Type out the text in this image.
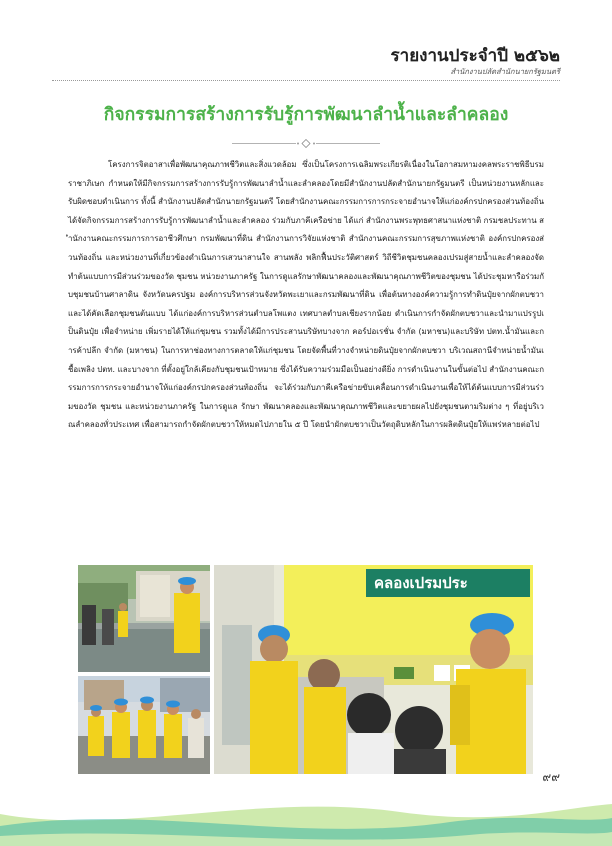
รายงานประจำปี ๒๕๖๒
สำนักงานปลัดสำนักนายกรัฐมนตรี
กิจกรรมการสร้างการรับรู้การพัฒนาลำน้ำและลำคลอง
โครงการจิตอาสาเพื่อพัฒนาคุณภาพชีวิตและสิ่งแวดล้อม ซึ่งเป็นโครงการเฉลิมพระเกียรติเนื่องในโอกาสมหามงคลพระราชพิธีบรมราชาภิเษก กำหนดให้มีกิจกรรมการสร้างการรับรู้การพัฒนาลำน้ำและลำคลองโดยมีสำนักงานปลัดสำนักนายกรัฐมนตรี เป็นหน่วยงานหลักและรับผิดชอบดำเนินการ ทั้งนี้ สำนักงานปลัดสำนักนายกรัฐมนตรี โดยสำนักงานคณะกรรมการการกระจายอำนาจให้แก่องค์กรปกครองส่วนท้องถิ่นได้จัดกิจกรรมการสร้างการรับรู้การพัฒนาลำน้ำและลำคลอง ร่วมกับภาคีเครือข่าย ได้แก่ สำนักงานพระพุทธศาสนาแห่งชาติ กรมชลประทาน สำนักงานคณะกรรมการการอาชีวศึกษา กรมพัฒนาที่ดิน สำนักงานการวิจัยแห่งชาติ สำนักงานคณะกรรมการสุขภาพแห่งชาติ องค์กรปกครองส่วนท้องถิ่น และหน่วยงานที่เกี่ยวข้องดำเนินการเสวนาสานใจ สานพลัง พลิกฟื้นประวัติศาสตร์ วิถีชีวิตชุมชนคลองเปรมสู่สายน้ำและลำคลองจัดทำต้นแบบการมีส่วนร่วมของวัด ชุมชน หน่วยงานภาครัฐ ในการดูแลรักษาพัฒนาคลองและพัฒนาคุณภาพชีวิตของชุมชน ได้ประชุมหารือร่วมกับชุมชนบ้านศาลาดิน จังหวัดนครปฐม องค์การบริหารส่วนจังหวัดพะเยาและกรมพัฒนาที่ดิน เพื่อต้นทางองค์ความรู้การทำดินปุ๋ยจากผักตบชวา และได้คัดเลือกชุมชนต้นแบบ ได้แก่องค์การบริหารส่วนตำบลโพแตง เทศบาลตำบลเชียงรากน้อย ดำเนินการกำจัดผักตบชวาและนำมาแปรรูปเป็นดินปุ๋ย เพื่อจำหน่าย เพิ่มรายได้ให้แก่ชุมชน รวมทั้งได้มีการประสานบริษัทบางจาก คอร์ปอเรชั่น จำกัด (มหาชน)และบริษัท ปตท.น้ำมันและการค้าปลีก จำกัด (มหาชน) ในการหาช่องทางการตลาดให้แก่ชุมชน โดยจัดพื้นที่วางจำหน่ายดินปุ๋ยจากผักตบชวา บริเวณสถานีจำหน่ายน้ำมันเชื้อเพลิง ปตท. และบางจาก ที่ตั้งอยู่ใกล้เคียงกับชุมชนเป้าหมาย ซึ่งได้รับความร่วมมือเป็นอย่างดียิ่ง การดำเนินงานในขั้นต่อไป สำนักงานคณะกรรมการการกระจายอำนาจให้แก่องค์กรปกครองส่วนท้องถิ่น จะได้ร่วมกับภาคีเครือข่ายขับเคลื่อนการดำเนินงานเพื่อให้ได้ต้นแบบการมีส่วนร่วมของวัด ชุมชน และหน่วยงานภาครัฐ ในการดูแล รักษา พัฒนาคลองและพัฒนาคุณภาพชีวิตและขยายผลไปยังชุมชนตามริมต่าง ๆ ที่อยู่บริเวณลำคลองทั่วประเทศ เพื่อสามารถกำจัดผักตบชวาให้หมดไปภายใน ๕ ปี โดยนำผักตบชวาเป็นวัตถุดิบหลักในการผลิตดินปุ๋ยให้แพร่หลายต่อไป
คลองเปรมประ
๙๙
